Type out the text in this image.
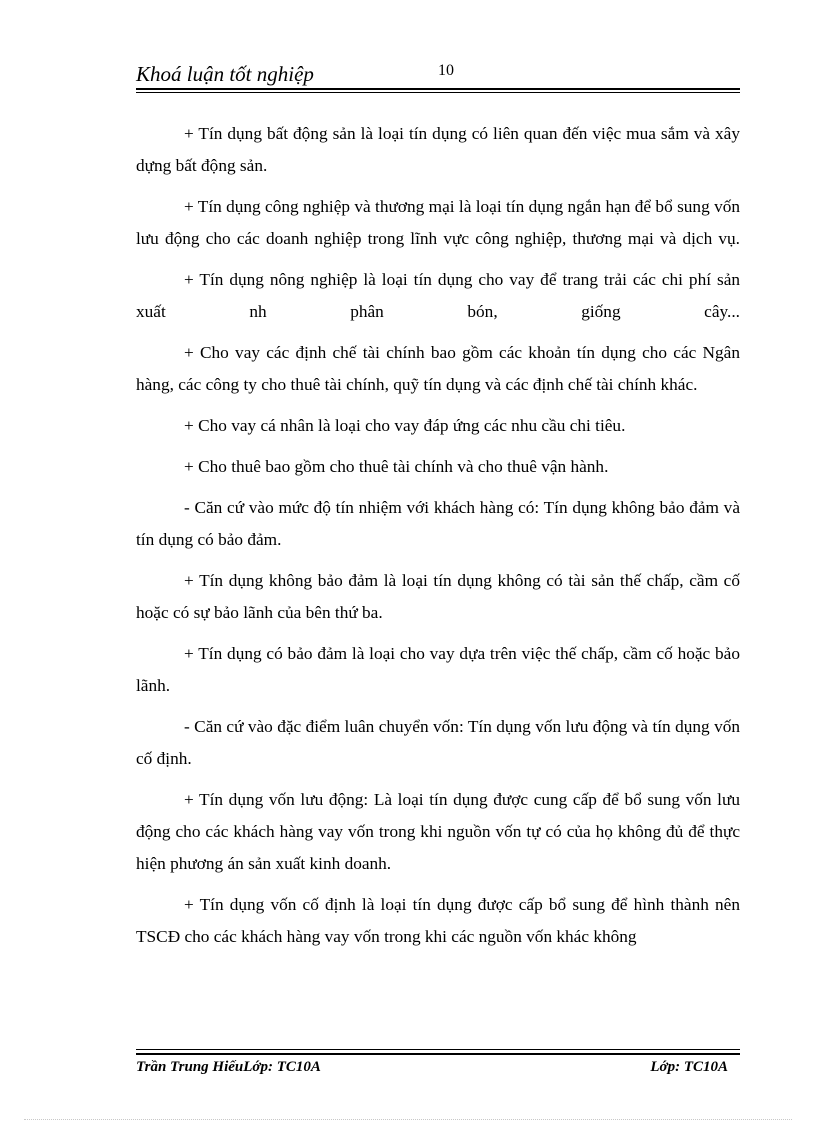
Khoá luận tốt nghiệp	10

+ Tín dụng bất động sản là loại tín dụng có liên quan đến việc mua sắm và xây dựng bất động sản.

+ Tín dụng công nghiệp và thương mại là loại tín dụng ngắn hạn để bổ sung vốn lưu động cho các doanh nghiệp trong lĩnh vực công nghiệp, thương mại và dịch vụ.

+ Tín dụng nông nghiệp là loại tín dụng cho vay để trang trải các chi phí sản xuất nh phân bón, giống cây...

+ Cho vay các định chế tài chính bao gồm các khoản tín dụng cho các Ngân hàng, các công ty cho thuê tài chính, quỹ tín dụng và các định chế tài chính khác.

+ Cho vay cá nhân là loại cho vay đáp ứng các nhu cầu chi tiêu.

+ Cho thuê bao gồm cho thuê tài chính và cho thuê vận hành.

- Căn cứ vào mức độ tín nhiệm với khách hàng có: Tín dụng không bảo đảm và tín dụng có bảo đảm.

+ Tín dụng không bảo đảm là loại tín dụng không có tài sản thế chấp, cầm cố hoặc có sự bảo lãnh của bên thứ ba.

+ Tín dụng có bảo đảm là loại cho vay dựa trên việc thế chấp, cầm cố hoặc bảo lãnh.

- Căn cứ vào đặc điểm luân chuyển vốn: Tín dụng vốn lưu động và tín dụng vốn cố định.

+ Tín dụng vốn lưu động: Là loại tín dụng được cung cấp để bổ sung vốn lưu động cho các khách hàng vay vốn trong khi nguồn vốn tự có của họ không đủ để thực hiện phương án sản xuất kinh doanh.

+ Tín dụng vốn cố định là loại tín dụng được cấp bổ sung để hình thành nên TSCĐ cho các khách hàng vay vốn trong khi các nguồn vốn khác không

Trần Trung HiếuLớp: TC10A	Lớp: TC10A
